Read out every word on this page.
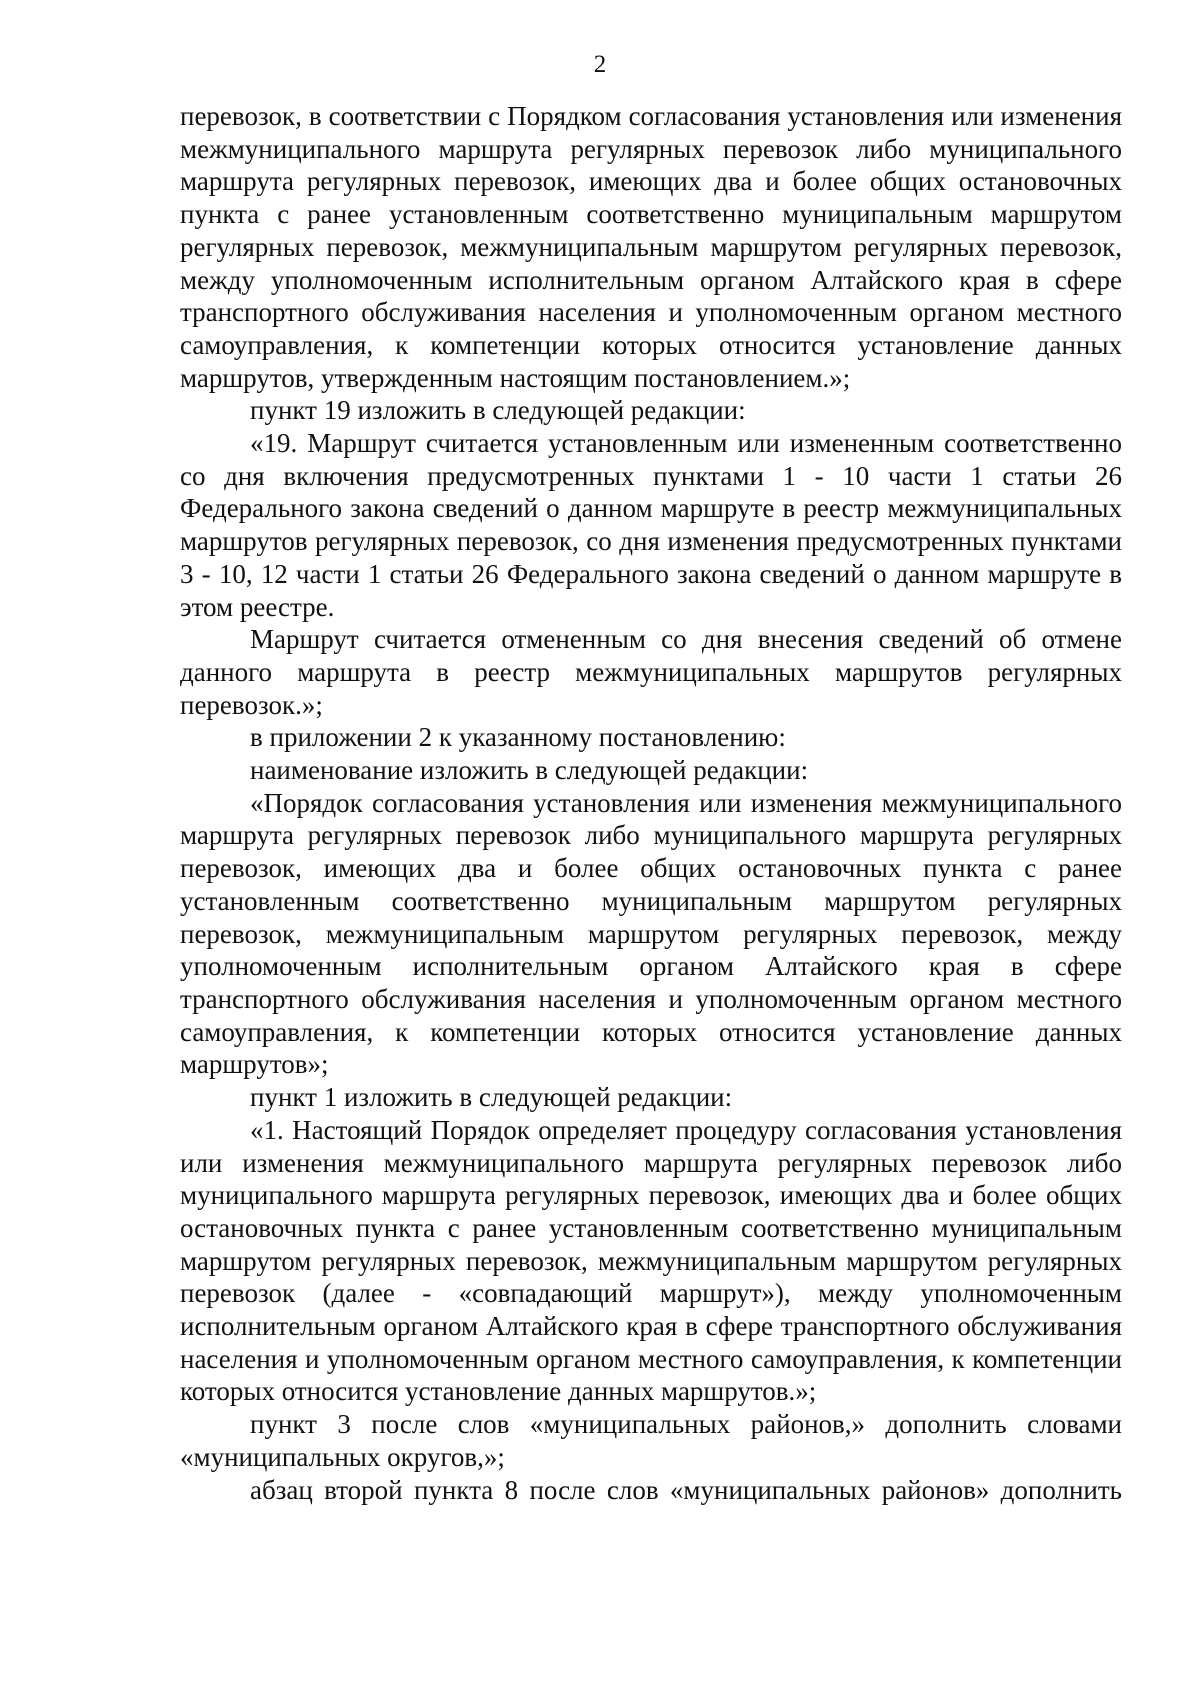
2

перевозок, в соответствии с Порядком согласования установления или изменения межмуниципального маршрута регулярных перевозок либо муниципального маршрута регулярных перевозок, имеющих два и более общих остановочных пункта с ранее установленным соответственно муниципальным маршрутом регулярных перевозок, межмуниципальным маршрутом регулярных перевозок, между уполномоченным исполнительным органом Алтайского края в сфере транспортного обслуживания населения и уполномоченным органом местного самоуправления, к компетенции которых относится установление данных маршрутов, утвержденным настоящим постановлением.»;

пункт 19 изложить в следующей редакции:

«19. Маршрут считается установленным или измененным соответственно со дня включения предусмотренных пунктами 1 - 10 части 1 статьи 26 Федерального закона сведений о данном маршруте в реестр межмуниципальных маршрутов регулярных перевозок, со дня изменения предусмотренных пунктами 3 - 10, 12 части 1 статьи 26 Федерального закона сведений о данном маршруте в этом реестре.

Маршрут считается отмененным со дня внесения сведений об отмене данного маршрута в реестр межмуниципальных маршрутов регулярных перевозок.»;

в приложении 2 к указанному постановлению:

наименование изложить в следующей редакции:

«Порядок согласования установления или изменения межмуниципального маршрута регулярных перевозок либо муниципального маршрута регулярных перевозок, имеющих два и более общих остановочных пункта с ранее установленным соответственно муниципальным маршрутом регулярных перевозок, межмуниципальным маршрутом регулярных перевозок, между уполномоченным исполнительным органом Алтайского края в сфере транспортного обслуживания населения и уполномоченным органом местного самоуправления, к компетенции которых относится установление данных маршрутов»;

пункт 1 изложить в следующей редакции:

«1. Настоящий Порядок определяет процедуру согласования установления или изменения межмуниципального маршрута регулярных перевозок либо муниципального маршрута регулярных перевозок, имеющих два и более общих остановочных пункта с ранее установленным соответственно муниципальным маршрутом регулярных перевозок, межмуниципальным маршрутом регулярных перевозок (далее - «совпадающий маршрут»), между уполномоченным исполнительным органом Алтайского края в сфере транспортного обслуживания населения и уполномоченным органом местного самоуправления, к компетенции которых относится установление данных маршрутов.»;

пункт 3 после слов «муниципальных районов,» дополнить словами «муниципальных округов,»;

абзац второй пункта 8 после слов «муниципальных районов» дополнить
